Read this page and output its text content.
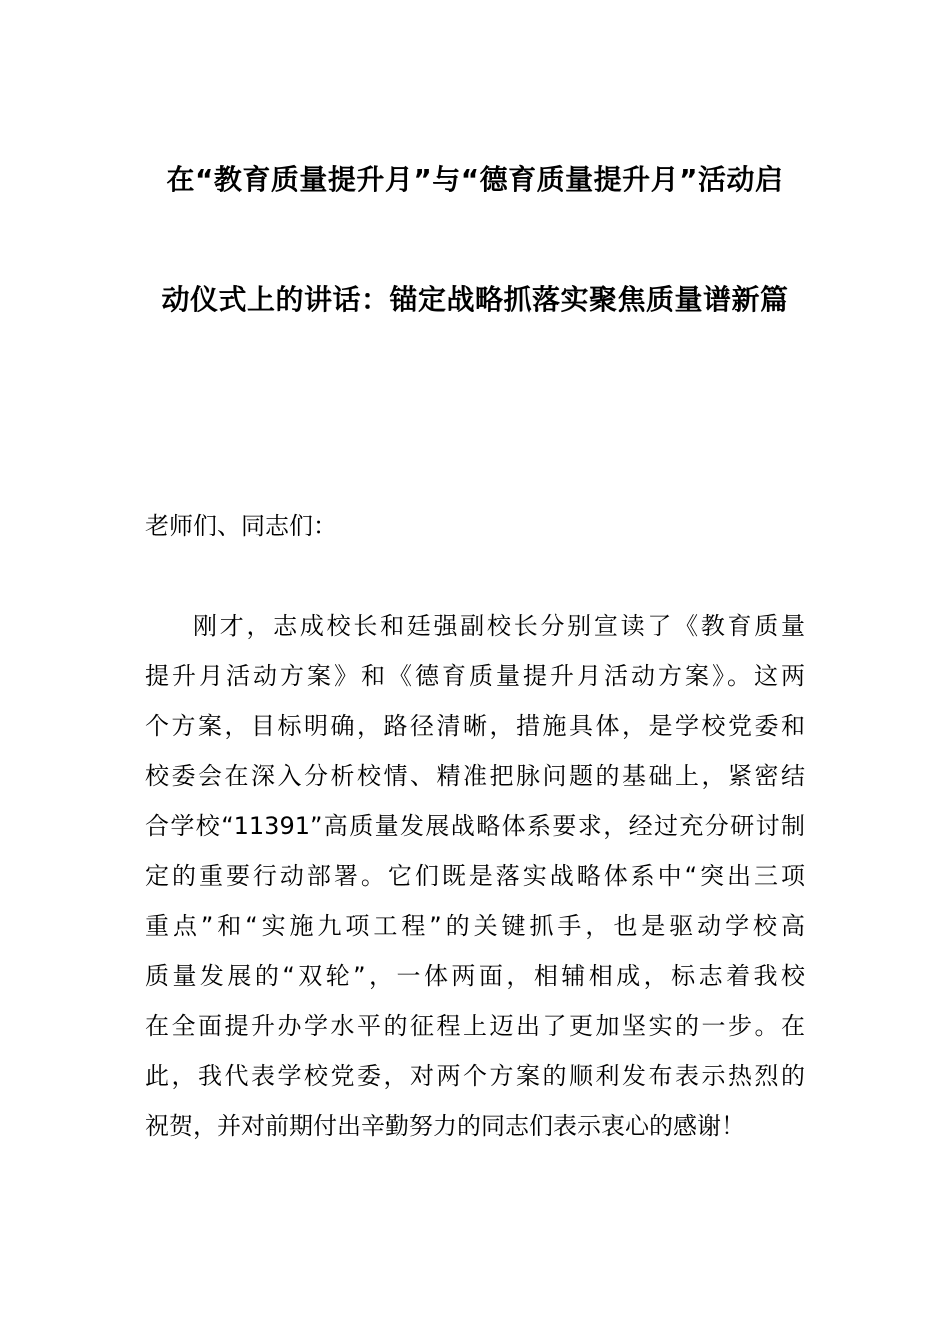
在“教育质量提升月”与“德育质量提升月”活动启
动仪式上的讲话：锚定战略抓落实聚焦质量谱新篇
老师们、同志们：
刚才，志成校长和廷强副校长分别宣读了《教育质量
提升月活动方案》和《德育质量提升月活动方案》。这两
个方案，目标明确，路径清晰，措施具体，是学校党委和
校委会在深入分析校情、精准把脉问题的基础上，紧密结
合学校“11391”高质量发展战略体系要求，经过充分研讨制
定的重要行动部署。它们既是落实战略体系中“突出三项
重点”和“实施九项工程”的关键抓手，也是驱动学校高
质量发展的“双轮”，一体两面，相辅相成，标志着我校
在全面提升办学水平的征程上迈出了更加坚实的一步。在
此，我代表学校党委，对两个方案的顺利发布表示热烈的
祝贺，并对前期付出辛勤努力的同志们表示衷心的感谢！
